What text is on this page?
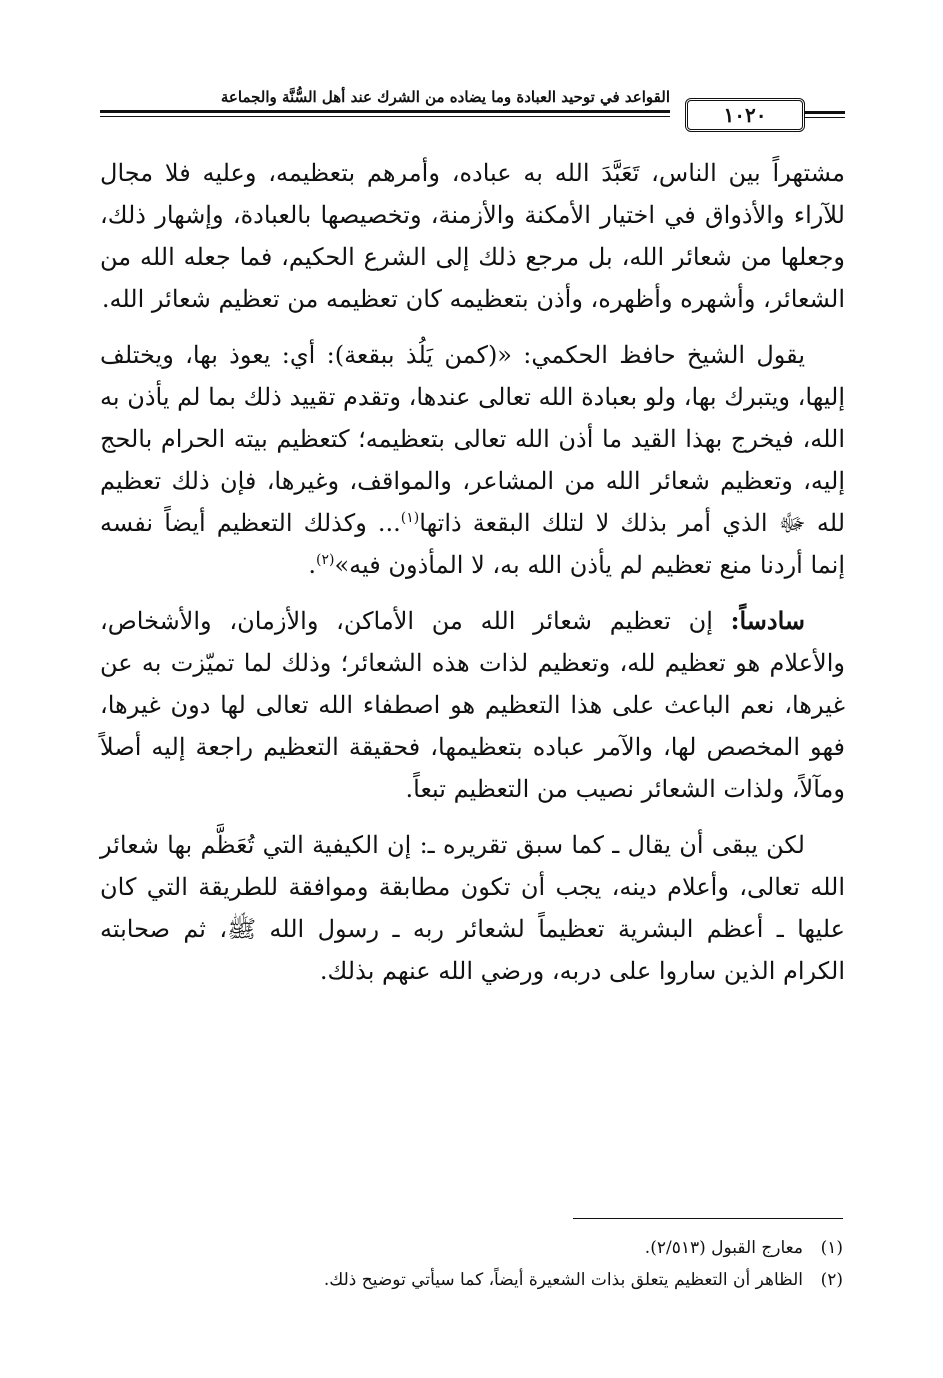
القواعد في توحيد العبادة وما يضاده من الشرك عند أهل السُّنَّة والجماعة
١٠٢٠

مشتهراً بين الناس، تَعَبَّدَ الله به عباده، وأمرهم بتعظيمه، وعليه فلا مجال للآراء والأذواق في اختيار الأمكنة والأزمنة، وتخصيصها بالعبادة، وإشهار ذلك، وجعلها من شعائر الله، بل مرجع ذلك إلى الشرع الحكيم، فما جعله الله من الشعائر، وأشهره وأظهره، وأذن بتعظيمه كان تعظيمه من تعظيم شعائر الله.

يقول الشيخ حافظ الحكمي: «(كمن يَلُذ ببقعة): أي: يعوذ بها، ويختلف إليها، ويتبرك بها، ولو بعبادة الله تعالى عندها، وتقدم تقييد ذلك بما لم يأذن به الله، فيخرج بهذا القيد ما أذن الله تعالى بتعظيمه؛ كتعظيم بيته الحرام بالحج إليه، وتعظيم شعائر الله من المشاعر، والمواقف، وغيرها، فإن ذلك تعظيم لله ﷻ الذي أمر بذلك لا لتلك البقعة ذاتها$^{(١)}$... وكذلك التعظيم أيضاً نفسه إنما أردنا منع تعظيم لم يأذن الله به، لا المأذون فيه»$^{(٢)}$.

سادساً: إن تعظيم شعائر الله من الأماكن، والأزمان، والأشخاص، والأعلام هو تعظيم لله، وتعظيم لذات هذه الشعائر؛ وذلك لما تميّزت به عن غيرها، نعم الباعث على هذا التعظيم هو اصطفاء الله تعالى لها دون غيرها، فهو المخصص لها، والآمر عباده بتعظيمها، فحقيقة التعظيم راجعة إليه أصلاً ومآلاً، ولذات الشعائر نصيب من التعظيم تبعاً.

لكن يبقى أن يقال ـ كما سبق تقريره ـ: إن الكيفية التي تُعَظَّم بها شعائر الله تعالى، وأعلام دينه، يجب أن تكون مطابقة وموافقة للطريقة التي كان عليها ـ أعظم البشرية تعظيماً لشعائر ربه ـ رسول الله ﷺ، ثم صحابته الكرام الذين ساروا على دربه، ورضي الله عنهم بذلك.

(١)معارج القبول (٢/٥١٣).

(٢)الظاهر أن التعظيم يتعلق بذات الشعيرة أيضاً، كما سيأتي توضيح ذلك.
